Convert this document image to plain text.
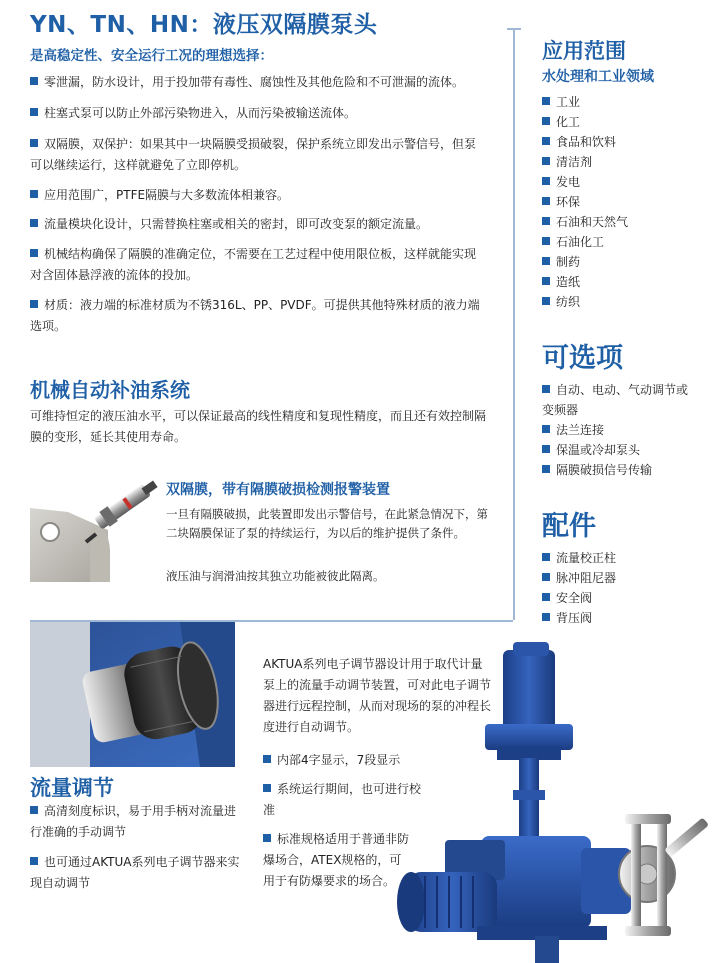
YN、TN、HN：液压双隔膜泵头
是高稳定性、安全运行工况的理想选择：
零泄漏，防水设计，用于投加带有毒性、腐蚀性及其他危险和不可泄漏的流体。
柱塞式泵可以防止外部污染物进入，从而污染被输送流体。
双隔膜，双保护：如果其中一块隔膜受损破裂，保护系统立即发出示警信号，但泵可以继续运行，这样就避免了立即停机。
应用范围广，PTFE隔膜与大多数流体相兼容。
流量模块化设计，只需替换柱塞或相关的密封，即可改变泵的额定流量。
机械结构确保了隔膜的准确定位，不需要在工艺过程中使用限位板，这样就能实现对含固体悬浮液的流体的投加。
材质：液力端的标准材质为不锈316L、PP、PVDF。可提供其他特殊材质的液力端选项。
机械自动补油系统
可维持恒定的液压油水平，可以保证最高的线性精度和复现性精度，而且还有效控制隔膜的变形，延长其使用寿命。
双隔膜，带有隔膜破损检测报警装置
一旦有隔膜破损，此装置即发出示警信号，在此紧急情况下，第二块隔膜保证了泵的持续运行，为以后的维护提供了条件。
液压油与润滑油按其独立功能被彼此隔离。
应用范围
水处理和工业领域
工业
化工
食品和饮料
清洁剂
发电
环保
石油和天然气
石油化工
制药
造纸
纺织
可选项
自动、电动、气动调节或变频器
法兰连接
保温或冷却泵头
隔膜破损信号传输
配件
流量校正柱
脉冲阻尼器
安全阀
背压阀
流量调节
高清刻度标识，易于用手柄对流量进行准确的手动调节
也可通过AKTUA系列电子调节器来实现自动调节
AKTUA系列电子调节器设计用于取代计量泵上的流量手动调节装置，可对此电子调节器进行远程控制，从而对现场的泵的冲程长度进行自动调节。
内部4字显示，7段显示
系统运行期间，也可进行校准
标准规格适用于普通非防爆场合，ATEX规格的，可用于有防爆要求的场合。
